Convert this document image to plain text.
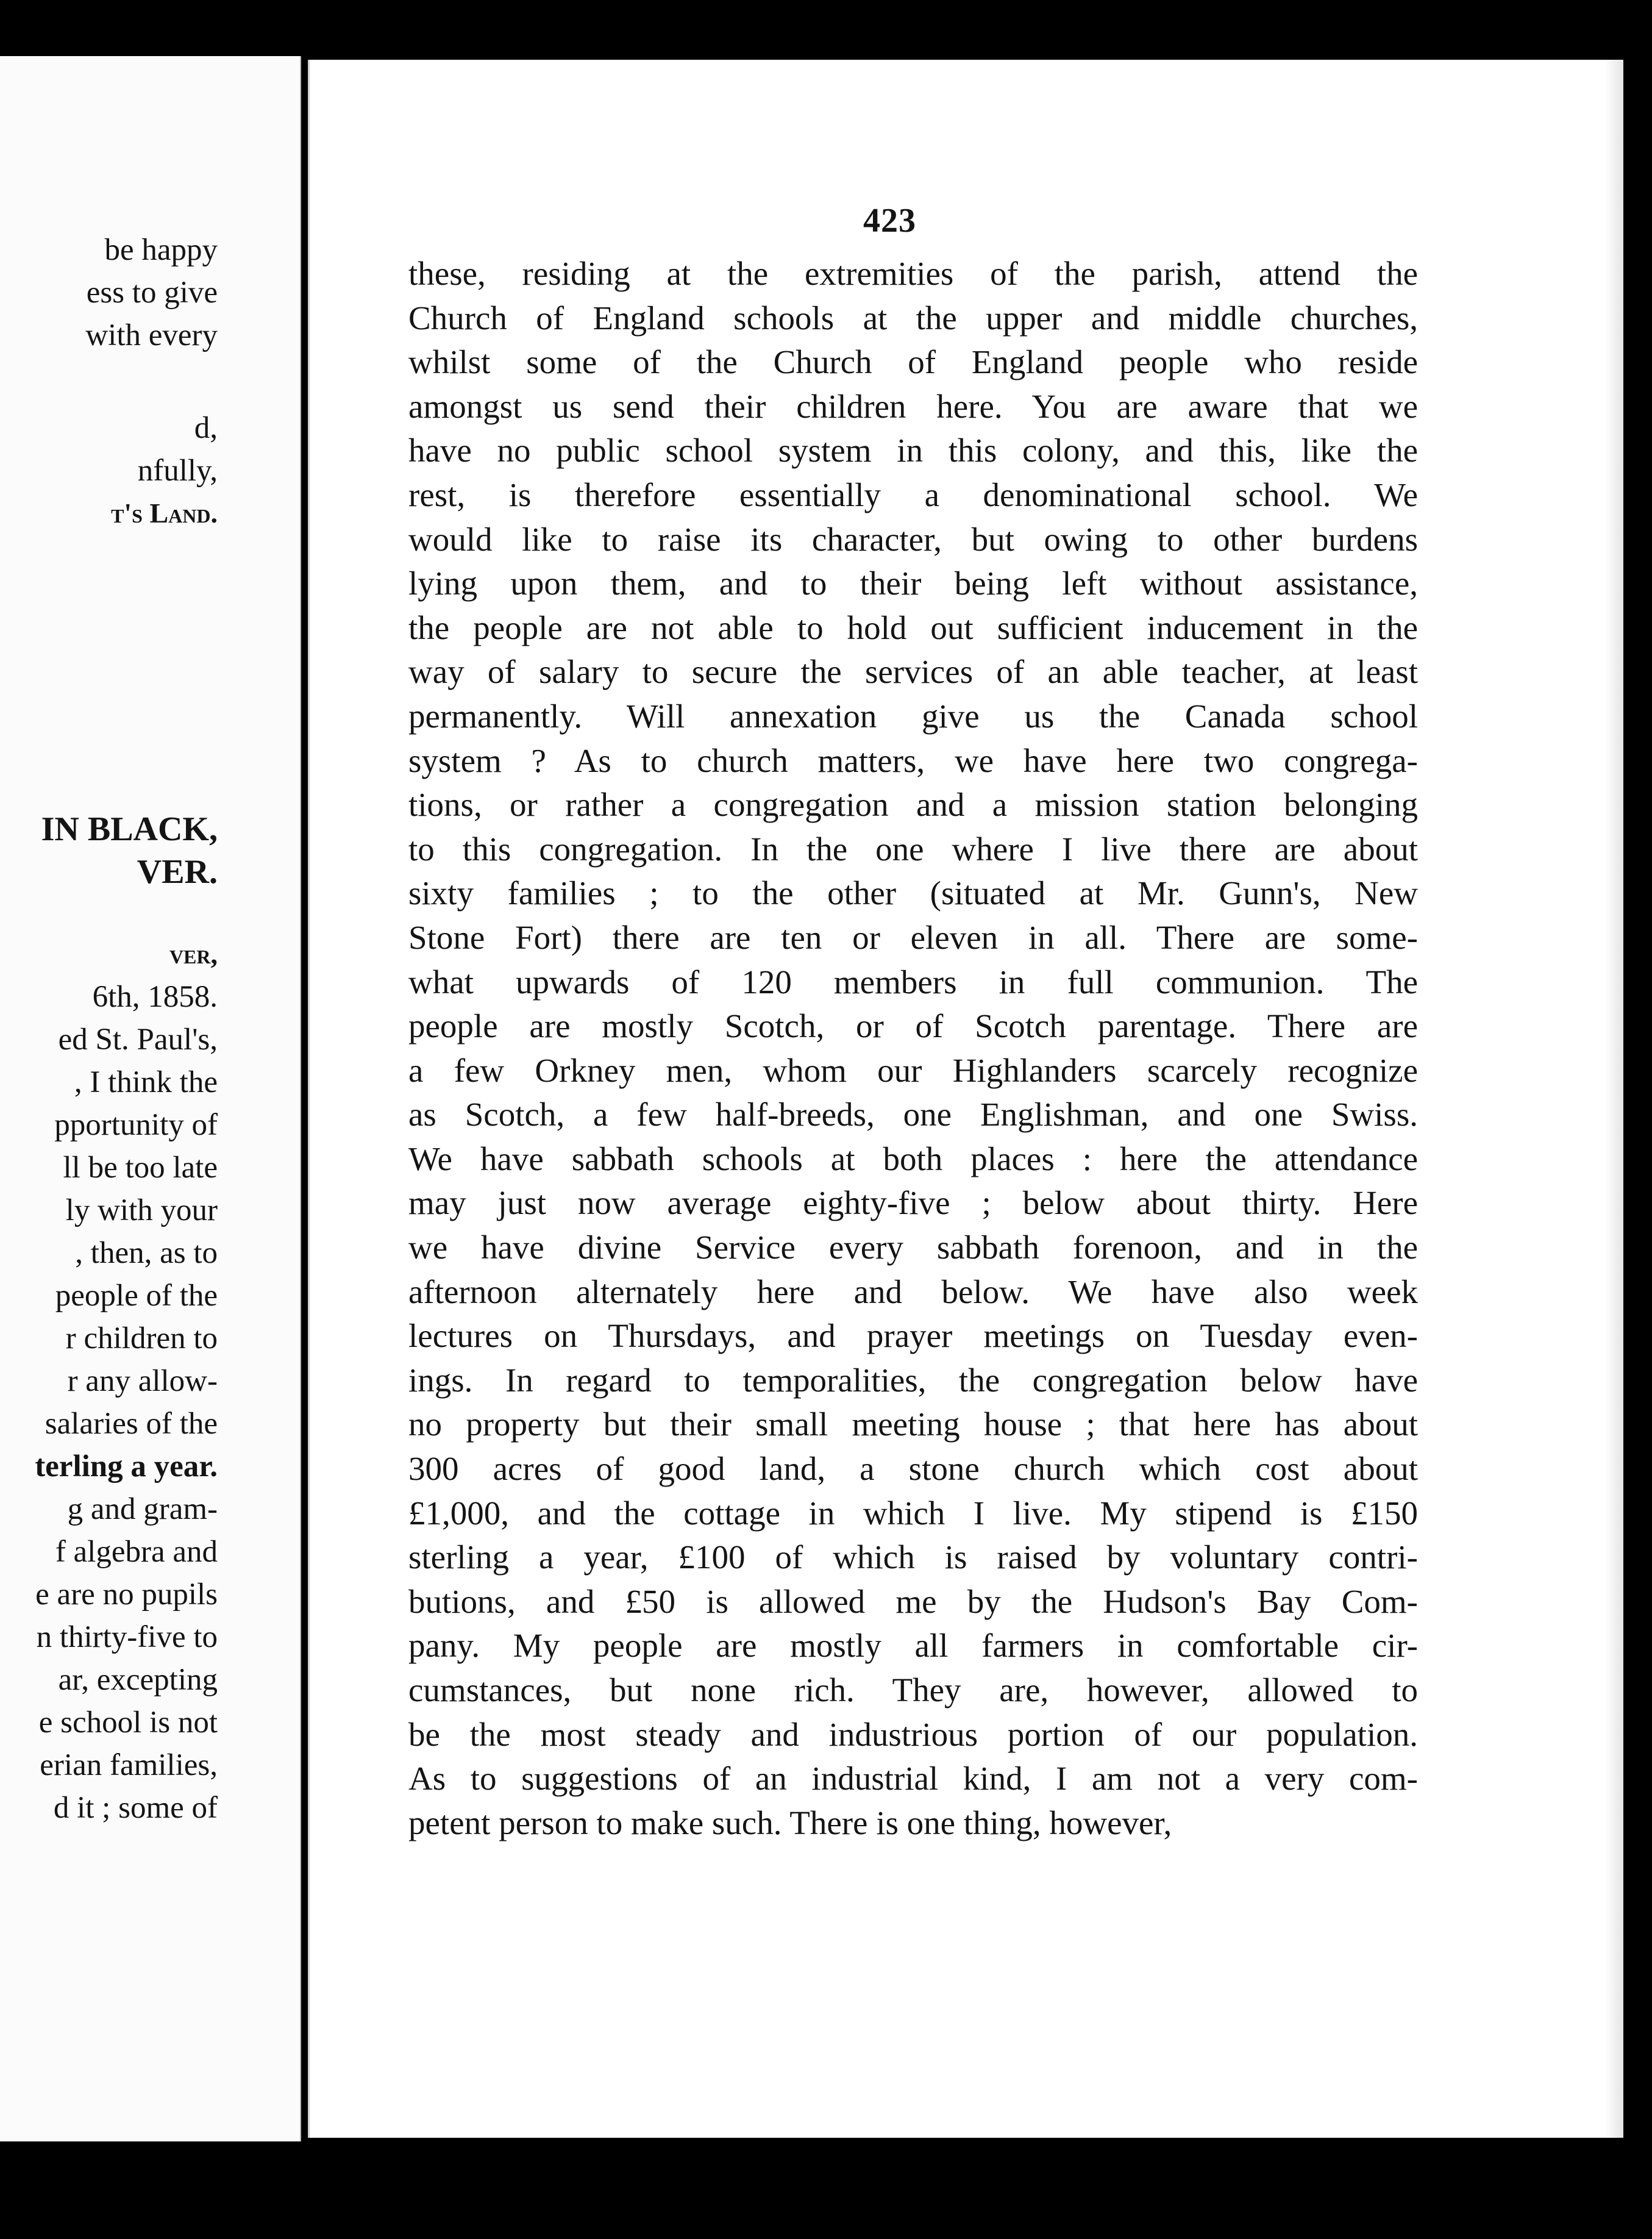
be happy
ess to give
with every
d,
nfully,
t's Land.
IN BLACK,
VER.
ver,
6th, 1858.
ed St. Paul's,
, I think the
pportunity of
ll be too late
ly with your
, then, as to
people of the
r children to
r any allow-
salaries of the
terling a year.
g and gram-
f algebra and
e are no pupils
n thirty-five to
ar, excepting
e school is not
erian families,
d it ; some of
423
these, residing at the extremities of the parish, attend the
Church of England schools at the upper and middle churches,
whilst some of the Church of England people who reside
amongst us send their children here. You are aware that we
have no public school system in this colony, and this, like the
rest, is therefore essentially a denominational school. We
would like to raise its character, but owing to other burdens
lying upon them, and to their being left without assistance,
the people are not able to hold out sufficient inducement in the
way of salary to secure the services of an able teacher, at least
permanently. Will annexation give us the Canada school
system ? As to church matters, we have here two congrega-
tions, or rather a congregation and a mission station belonging
to this congregation. In the one where I live there are about
sixty families ; to the other (situated at Mr. Gunn's, New
Stone Fort) there are ten or eleven in all. There are some-
what upwards of 120 members in full communion. The
people are mostly Scotch, or of Scotch parentage. There are
a few Orkney men, whom our Highlanders scarcely recognize
as Scotch, a few half-breeds, one Englishman, and one Swiss.
We have sabbath schools at both places : here the attendance
may just now average eighty-five ; below about thirty. Here
we have divine Service every sabbath forenoon, and in the
afternoon alternately here and below. We have also week
lectures on Thursdays, and prayer meetings on Tuesday even-
ings. In regard to temporalities, the congregation below have
no property but their small meeting house ; that here has about
300 acres of good land, a stone church which cost about
£1,000, and the cottage in which I live. My stipend is £150
sterling a year, £100 of which is raised by voluntary contri-
butions, and £50 is allowed me by the Hudson's Bay Com-
pany. My people are mostly all farmers in comfortable cir-
cumstances, but none rich. They are, however, allowed to
be the most steady and industrious portion of our population.
As to suggestions of an industrial kind, I am not a very com-
petent person to make such. There is one thing, however,
